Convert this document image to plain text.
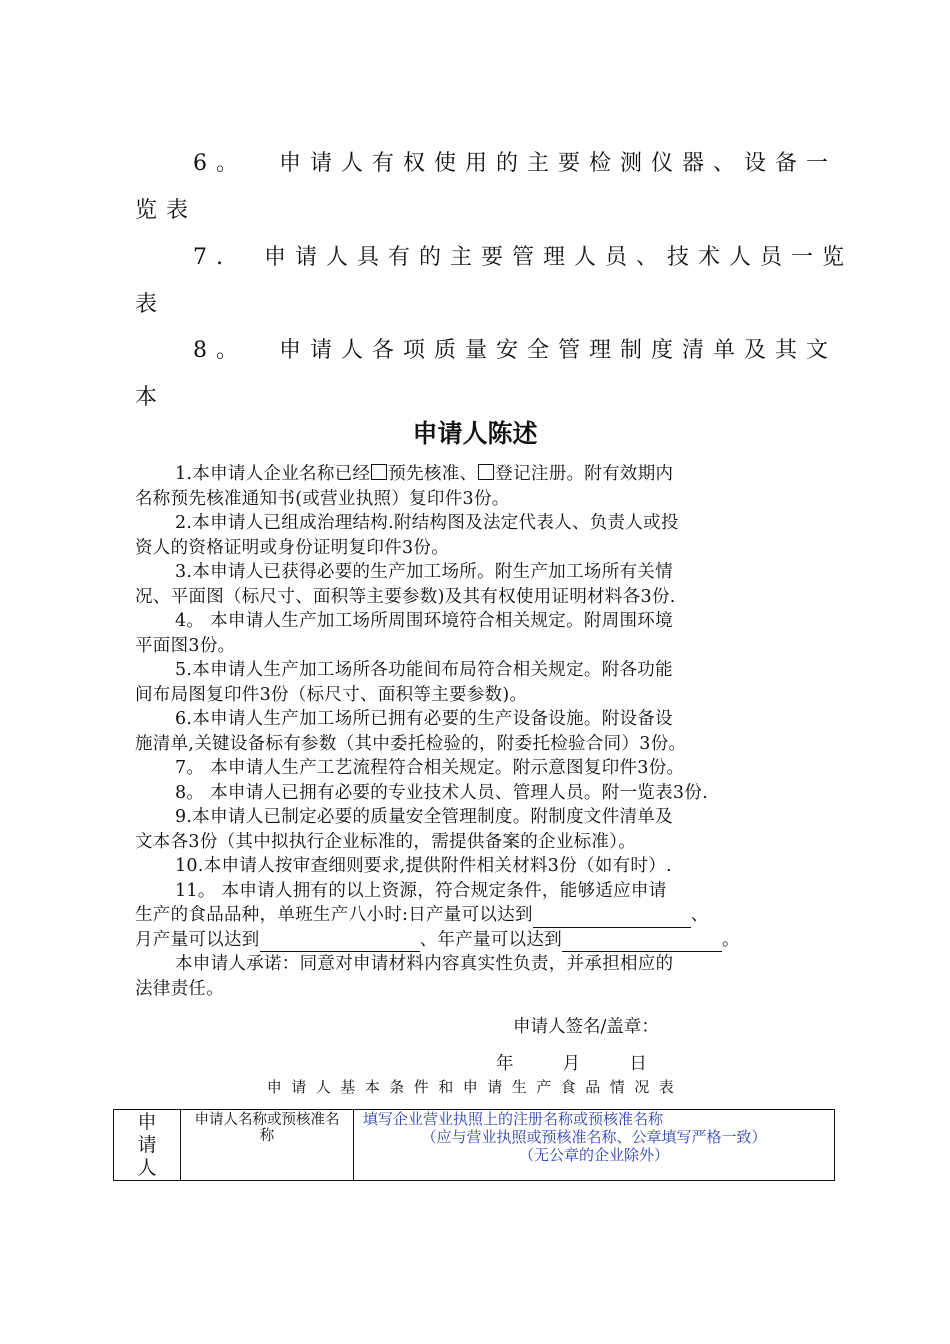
6。 申请人有权使用的主要检测仪器、设备一
览表
7. 申请人具有的主要管理人员、技术人员一览
表
8。 申请人各项质量安全管理制度清单及其文
本
申请人陈述
1.本申请人企业名称已经 预先核准、 登记注册。附有效期内
名称预先核准通知书(或营业执照）复印件3份。
2.本申请人已组成治理结构.附结构图及法定代表人、负责人或投
资人的资格证明或身份证明复印件3份。
3.本申请人已获得必要的生产加工场所。附生产加工场所有关情
况、平面图（标尺寸、面积等主要参数)及其有权使用证明材料各3份.
4。 本申请人生产加工场所周围环境符合相关规定。附周围环境
平面图3份。
5.本申请人生产加工场所各功能间布局符合相关规定。附各功能
间布局图复印件3份（标尺寸、面积等主要参数)。
6.本申请人生产加工场所已拥有必要的生产设备设施。附设备设
施清单,关键设备标有参数（其中委托检验的，附委托检验合同）3份。
7。 本申请人生产工艺流程符合相关规定。附示意图复印件3份。
8。 本申请人已拥有必要的专业技术人员、管理人员。附一览表3份.
9.本申请人已制定必要的质量安全管理制度。附制度文件清单及
文本各3份（其中拟执行企业标准的，需提供备案的企业标准）。
10.本申请人按审查细则要求,提供附件相关材料3份（如有时）.
11。 本申请人拥有的以上资源，符合规定条件，能够适应申请
生产的食品品种，单班生产八小时:日产量可以达到	、
月产量可以达到	、年产量可以达到	。
本申请人承诺：同意对申请材料内容真实性负责，并承担相应的
法律责任。
申请人签名/盖章：
年	月	日
申请人基本条件和申请生产食品情况表
申请人

申请人名称或预核准名称

填写企业营业执照上的注册名称或预核准名称
（应与营业执照或预核准名称、公章填写严格一致）
（无公章的企业除外）
